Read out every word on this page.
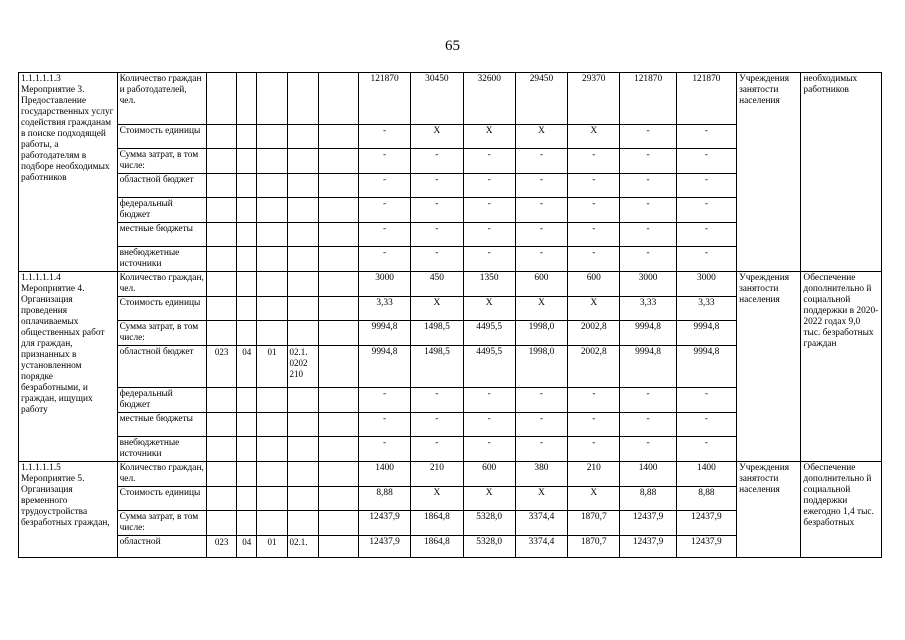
65
1.1.1.1.1.3 Мероприятие 3. Предоставление государственных услуг содействия гражданам в поиске подходящей работы, а работодателям в подборе необходимых работников	Количество граждан и работодателей, чел.						121870	30450	32600	29450	29370	121870	121870	Учреждения занятости населения	необходимых работников
	Стоимость единицы						-	X	X	X	X	-	-		
	Сумма затрат, в том числе:						-	-	-	-	-	-	-		
	областной бюджет						-	-	-	-	-	-	-		
	федеральный бюджет						-	-	-	-	-	-	-		
	местные бюджеты						-	-	-	-	-	-	-		
	внебюджетные источники						-	-	-	-	-	-	-		
1.1.1.1.1.4 Мероприятие 4. Организация проведения оплачиваемых общественных работ для граждан, признанных в установленном порядке безработными, и граждан, ищущих работу	Количество граждан, чел.						3000	450	1350	600	600	3000	3000	Учреждения занятости населения	Обеспечение дополнительно й социальной поддержки в 2020-2022 годах 9,0 тыс. безработных граждан
	Стоимость единицы						3,33	X	X	X	X	3,33	3,33		
	Сумма затрат, в том числе:						9994,8	1498,5	4495,5	1998,0	2002,8	9994,8	9994,8		
	областной бюджет	023	04	01	02.1. 0202 210		9994,8	1498,5	4495,5	1998,0	2002,8	9994,8	9994,8		
	федеральный бюджет						-	-	-	-	-	-	-		
	местные бюджеты						-	-	-	-	-	-	-		
	внебюджетные источники						-	-	-	-	-	-	-		
1.1.1.1.1.5 Мероприятие 5. Организация временного трудоустройства безработных граждан,	Количество граждан, чел.						1400	210	600	380	210	1400	1400	Учреждения занятости населения	Обеспечение дополнительно й социальной поддержки ежегодно 1,4 тыс. безработных
	Стоимость единицы						8,88	X	X	X	X	8,88	8,88		
	Сумма затрат, в том числе:						12437,9	1864,8	5328,0	3374,4	1870,7	12437,9	12437,9		
	областной	023	04	01	02.1.		12437,9	1864,8	5328,0	3374,4	1870,7	12437,9	12437,9		
